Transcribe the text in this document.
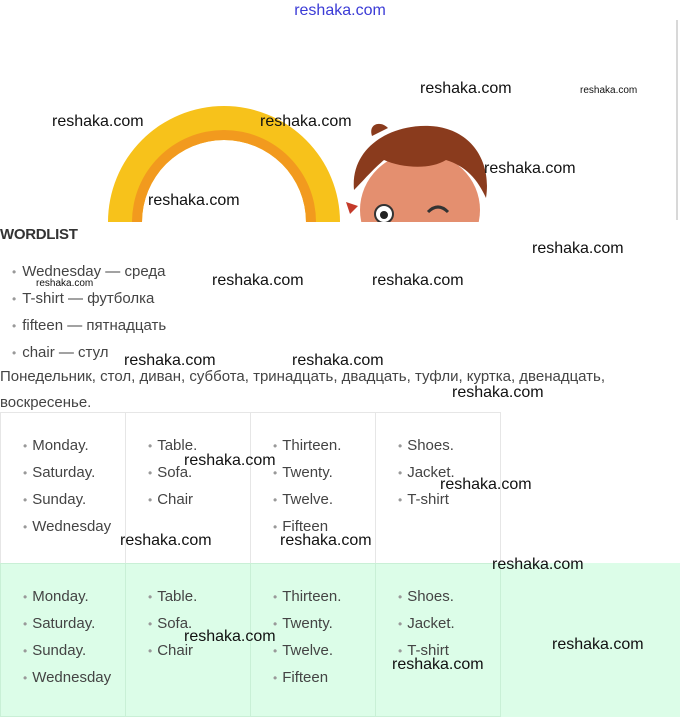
reshaka.com
WORDLIST
• Wednesday — среда
• T-shirt — футболка
• fifteen — пятнадцать
• chair — стул
Понедельник, стол, диван, суббота, тринадцать, двадцать, туфли, куртка, двенадцать, воскресенье.
• Monday.
• Saturday.
• Sunday.
• Wednesday

• Table.
• Sofa.
• Chair

• Thirteen.
• Twenty.
• Twelve.
• Fifteen

• Shoes.
• Jacket.
• T-shirt
• Monday.
• Saturday.
• Sunday.
• Wednesday

• Table.
• Sofa.
• Chair

• Thirteen.
• Twenty.
• Twelve.
• Fifteen

• Shoes.
• Jacket.
• T-shirt

reshaka.com	reshaka.com
reshaka.com	reshaka.com
reshaka.com
reshaka.com
reshaka.com
reshaka.com	reshaka.com
reshaka.com
reshaka.com	reshaka.com
reshaka.com
reshaka.com
reshaka.com
reshaka.com	reshaka.com
reshaka.com
reshaka.com	reshaka.com
reshaka.com
